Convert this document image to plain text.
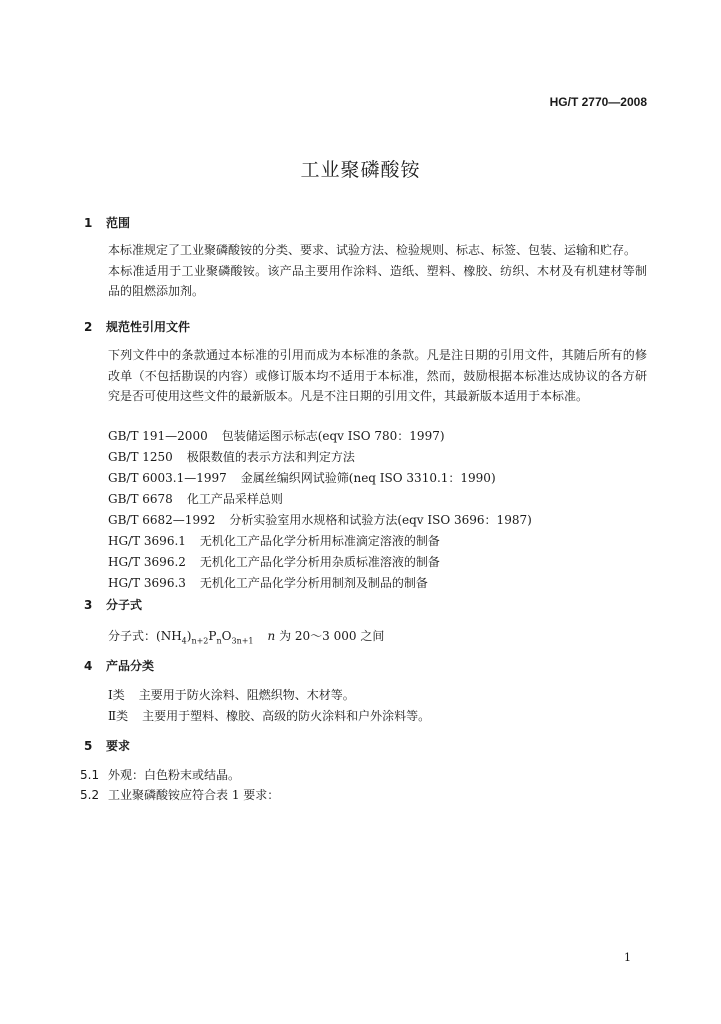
HG/T 2770—2008
工业聚磷酸铵
1 范围
本标准规定了工业聚磷酸铵的分类、要求、试验方法、检验规则、标志、标签、包装、运输和贮存。
本标准适用于工业聚磷酸铵。该产品主要用作涂料、造纸、塑料、橡胶、纺织、木材及有机建材等制品的阻燃添加剂。
2 规范性引用文件
下列文件中的条款通过本标准的引用而成为本标准的条款。凡是注日期的引用文件，其随后所有的修改单（不包括勘误的内容）或修订版本均不适用于本标准，然而，鼓励根据本标准达成协议的各方研究是否可使用这些文件的最新版本。凡是不注日期的引用文件，其最新版本适用于本标准。
GB/T 191—2000 包装储运图示标志(eqv ISO 780：1997)
GB/T 1250 极限数值的表示方法和判定方法
GB/T 6003.1—1997 金属丝编织网试验筛(neq ISO 3310.1：1990)
GB/T 6678 化工产品采样总则
GB/T 6682—1992 分析实验室用水规格和试验方法(eqv ISO 3696：1987)
HG/T 3696.1 无机化工产品化学分析用标准滴定溶液的制备
HG/T 3696.2 无机化工产品化学分析用杂质标准溶液的制备
HG/T 3696.3 无机化工产品化学分析用制剂及制品的制备
3 分子式
分子式：$(NH_4)_{n+2}P_nO_{3n+1}$ n 为 20～3 000 之间
4 产品分类
Ⅰ类 主要用于防火涂料、阻燃织物、木材等。
Ⅱ类 主要用于塑料、橡胶、高级的防火涂料和户外涂料等。
5 要求
5.1 外观：白色粉末或结晶。
5.2 工业聚磷酸铵应符合表 1 要求：
1
